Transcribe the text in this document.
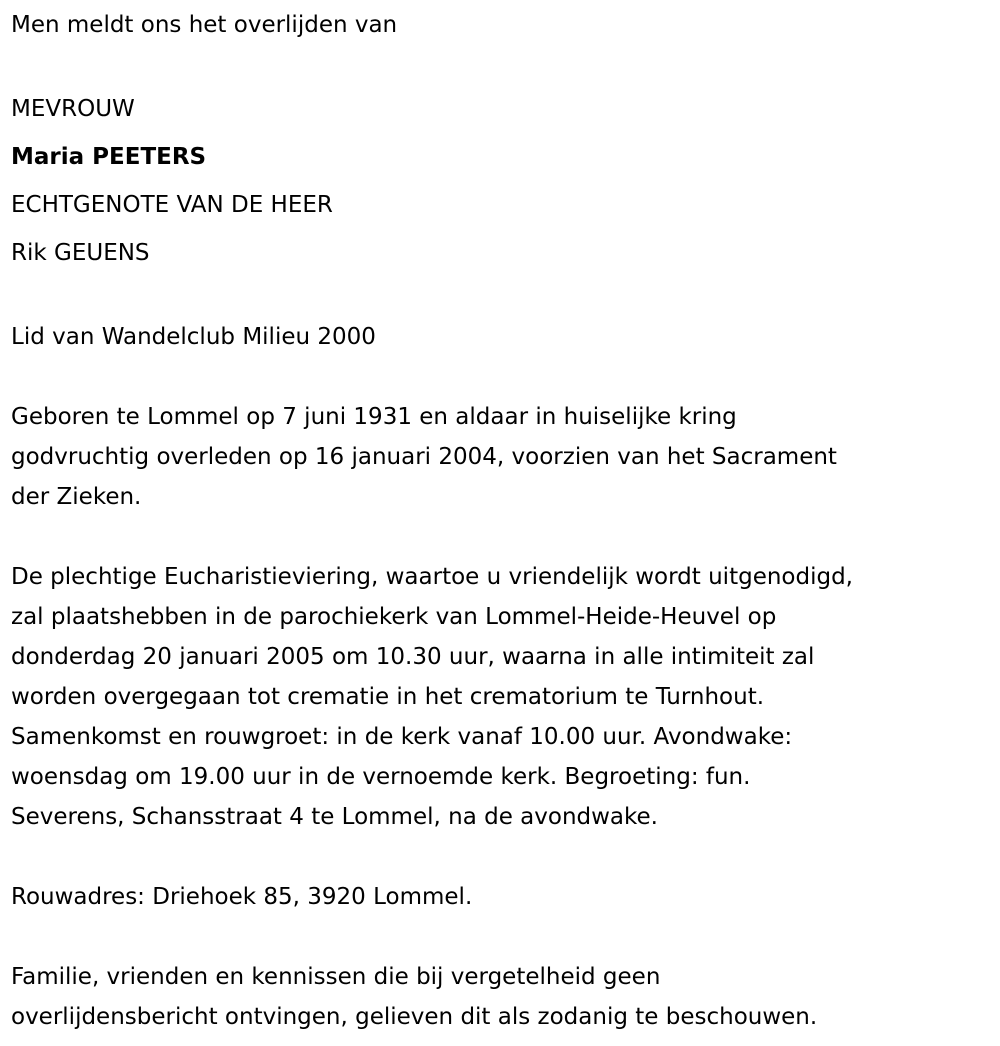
Men meldt ons het overlijden van
MEVROUW
Maria PEETERS
ECHTGENOTE VAN DE HEER
Rik GEUENS
Lid van Wandelclub Milieu 2000
Geboren te Lommel op 7 juni 1931 en aldaar in huiselijke kring
godvruchtig overleden op 16 januari 2004, voorzien van het Sacrament
der Zieken.
De plechtige Eucharistieviering, waartoe u vriendelijk wordt uitgenodigd,
zal plaatshebben in de parochiekerk van Lommel-Heide-Heuvel op
donderdag 20 januari 2005 om 10.30 uur, waarna in alle intimiteit zal
worden overgegaan tot crematie in het crematorium te Turnhout.
Samenkomst en rouwgroet: in de kerk vanaf 10.00 uur. Avondwake:
woensdag om 19.00 uur in de vernoemde kerk. Begroeting: fun.
Severens, Schansstraat 4 te Lommel, na de avondwake.
Rouwadres: Driehoek 85, 3920 Lommel.
Familie, vrienden en kennissen die bij vergetelheid geen
overlijdensbericht ontvingen, gelieven dit als zodanig te beschouwen.
